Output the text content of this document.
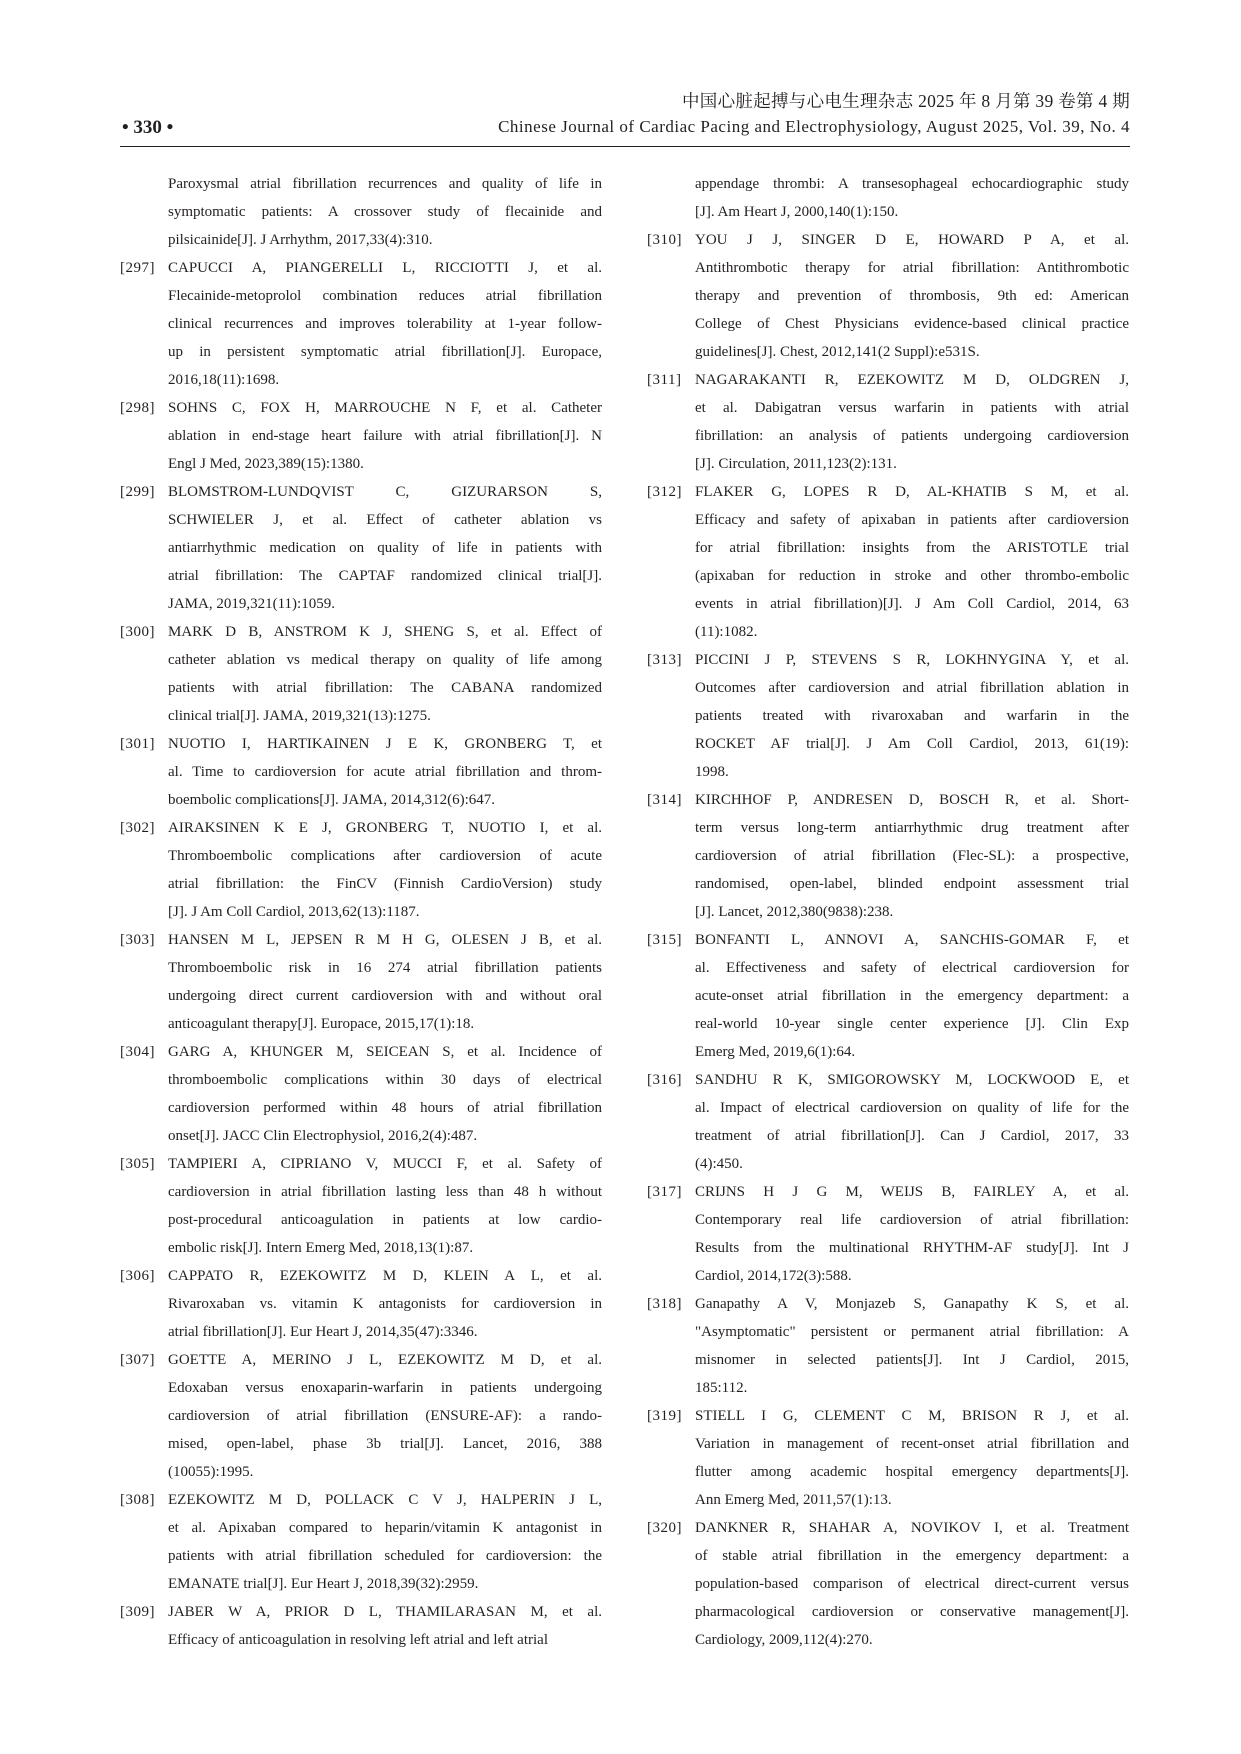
中国心脏起搏与心电生理杂志 2025 年 8 月第 39 卷第 4 期
• 330 •	Chinese Journal of Cardiac Pacing and Electrophysiology, August 2025, Vol. 39, No. 4
Paroxysmal atrial fibrillation recurrences and quality of life in
symptomatic patients: A crossover study of flecainide and
pilsicainide[J]. J Arrhythm, 2017,33(4):310.
[297] CAPUCCI A, PIANGERELLI L, RICCIOTTI J, et al.
Flecainide-metoprolol combination reduces atrial fibrillation
clinical recurrences and improves tolerability at 1-year follow-
up in persistent symptomatic atrial fibrillation[J]. Europace,
2016,18(11):1698.
[298] SOHNS C, FOX H, MARROUCHE N F, et al. Catheter
ablation in end-stage heart failure with atrial fibrillation[J]. N
Engl J Med, 2023,389(15):1380.
[299] BLOMSTROM-LUNDQVIST C, GIZURARSON S,
SCHWIELER J, et al. Effect of catheter ablation vs
antiarrhythmic medication on quality of life in patients with
atrial fibrillation: The CAPTAF randomized clinical trial[J].
JAMA, 2019,321(11):1059.
[300] MARK D B, ANSTROM K J, SHENG S, et al. Effect of
catheter ablation vs medical therapy on quality of life among
patients with atrial fibrillation: The CABANA randomized
clinical trial[J]. JAMA, 2019,321(13):1275.
[301] NUOTIO I, HARTIKAINEN J E K, GRONBERG T, et
al. Time to cardioversion for acute atrial fibrillation and throm-
boembolic complications[J]. JAMA, 2014,312(6):647.
[302] AIRAKSINEN K E J, GRONBERG T, NUOTIO I, et al.
Thromboembolic complications after cardioversion of acute
atrial fibrillation: the FinCV (Finnish CardioVersion) study
[J]. J Am Coll Cardiol, 2013,62(13):1187.
[303] HANSEN M L, JEPSEN R M H G, OLESEN J B, et al.
Thromboembolic risk in 16 274 atrial fibrillation patients
undergoing direct current cardioversion with and without oral
anticoagulant therapy[J]. Europace, 2015,17(1):18.
[304] GARG A, KHUNGER M, SEICEAN S, et al. Incidence of
thromboembolic complications within 30 days of electrical
cardioversion performed within 48 hours of atrial fibrillation
onset[J]. JACC Clin Electrophysiol, 2016,2(4):487.
[305] TAMPIERI A, CIPRIANO V, MUCCI F, et al. Safety of
cardioversion in atrial fibrillation lasting less than 48 h without
post-procedural anticoagulation in patients at low cardio-
embolic risk[J]. Intern Emerg Med, 2018,13(1):87.
[306] CAPPATO R, EZEKOWITZ M D, KLEIN A L, et al.
Rivaroxaban vs. vitamin K antagonists for cardioversion in
atrial fibrillation[J]. Eur Heart J, 2014,35(47):3346.
[307] GOETTE A, MERINO J L, EZEKOWITZ M D, et al.
Edoxaban versus enoxaparin-warfarin in patients undergoing
cardioversion of atrial fibrillation (ENSURE-AF): a rando-
mised, open-label, phase 3b trial[J]. Lancet, 2016, 388
(10055):1995.
[308] EZEKOWITZ M D, POLLACK C V J, HALPERIN J L,
et al. Apixaban compared to heparin/vitamin K antagonist in
patients with atrial fibrillation scheduled for cardioversion: the
EMANATE trial[J]. Eur Heart J, 2018,39(32):2959.
[309] JABER W A, PRIOR D L, THAMILARASAN M, et al.
Efficacy of anticoagulation in resolving left atrial and left atrial
appendage thrombi: A transesophageal echocardiographic study
[J]. Am Heart J, 2000,140(1):150.
[310] YOU J J, SINGER D E, HOWARD P A, et al.
Antithrombotic therapy for atrial fibrillation: Antithrombotic
therapy and prevention of thrombosis, 9th ed: American
College of Chest Physicians evidence-based clinical practice
guidelines[J]. Chest, 2012,141(2 Suppl):e531S.
[311] NAGARAKANTI R, EZEKOWITZ M D, OLDGREN J,
et al. Dabigatran versus warfarin in patients with atrial
fibrillation: an analysis of patients undergoing cardioversion
[J]. Circulation, 2011,123(2):131.
[312] FLAKER G, LOPES R D, AL-KHATIB S M, et al.
Efficacy and safety of apixaban in patients after cardioversion
for atrial fibrillation: insights from the ARISTOTLE trial
(apixaban for reduction in stroke and other thrombo-embolic
events in atrial fibrillation)[J]. J Am Coll Cardiol, 2014, 63
(11):1082.
[313] PICCINI J P, STEVENS S R, LOKHNYGINA Y, et al.
Outcomes after cardioversion and atrial fibrillation ablation in
patients treated with rivaroxaban and warfarin in the
ROCKET AF trial[J]. J Am Coll Cardiol, 2013, 61(19):
1998.
[314] KIRCHHOF P, ANDRESEN D, BOSCH R, et al. Short-
term versus long-term antiarrhythmic drug treatment after
cardioversion of atrial fibrillation (Flec-SL): a prospective,
randomised, open-label, blinded endpoint assessment trial
[J]. Lancet, 2012,380(9838):238.
[315] BONFANTI L, ANNOVI A, SANCHIS-GOMAR F, et
al. Effectiveness and safety of electrical cardioversion for
acute-onset atrial fibrillation in the emergency department: a
real-world 10-year single center experience [J]. Clin Exp
Emerg Med, 2019,6(1):64.
[316] SANDHU R K, SMIGOROWSKY M, LOCKWOOD E, et
al. Impact of electrical cardioversion on quality of life for the
treatment of atrial fibrillation[J]. Can J Cardiol, 2017, 33
(4):450.
[317] CRIJNS H J G M, WEIJS B, FAIRLEY A, et al.
Contemporary real life cardioversion of atrial fibrillation:
Results from the multinational RHYTHM-AF study[J]. Int J
Cardiol, 2014,172(3):588.
[318] Ganapathy A V, Monjazeb S, Ganapathy K S, et al.
"Asymptomatic" persistent or permanent atrial fibrillation: A
misnomer in selected patients[J]. Int J Cardiol, 2015,
185:112.
[319] STIELL I G, CLEMENT C M, BRISON R J, et al.
Variation in management of recent-onset atrial fibrillation and
flutter among academic hospital emergency departments[J].
Ann Emerg Med, 2011,57(1):13.
[320] DANKNER R, SHAHAR A, NOVIKOV I, et al. Treatment
of stable atrial fibrillation in the emergency department: a
population-based comparison of electrical direct-current versus
pharmacological cardioversion or conservative management[J].
Cardiology, 2009,112(4):270.
